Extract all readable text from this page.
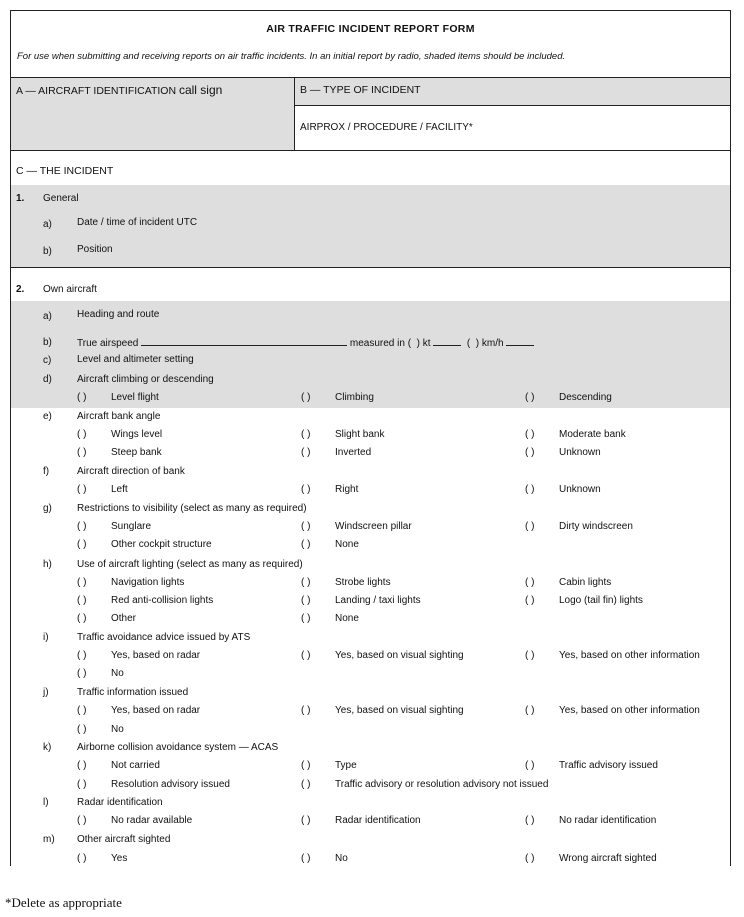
AIR TRAFFIC INCIDENT REPORT FORM
For use when submitting and receiving reports on air traffic incidents. In an initial report by radio, shaded items should be included.
A — AIRCRAFT IDENTIFICATION call sign	B — TYPE OF INCIDENT
AIRPROX / PROCEDURE / FACILITY*
C — THE INCIDENT
1. General
a)	Date / time of incident UTC
b)	Position
2. Own aircraft
a)	Heading and route
b)	True airspeed	measured in ( ) kt	( ) km/h
c)	Level and altimeter setting
d)	Aircraft climbing or descending
( ) Level flight	( ) Climbing	( ) Descending
e)	Aircraft bank angle
( ) Wings level	( ) Slight bank	( ) Moderate bank
( ) Steep bank	( ) Inverted	( ) Unknown
f)	Aircraft direction of bank
( ) Left	( ) Right	( ) Unknown
g)	Restrictions to visibility (select as many as required)
( ) Sunglare	( ) Windscreen pillar	( ) Dirty windscreen
( ) Other cockpit structure	( ) None
h)	Use of aircraft lighting (select as many as required)
( ) Navigation lights	( ) Strobe lights	( ) Cabin lights
( ) Red anti-collision lights	( ) Landing / taxi lights	( ) Logo (tail fin) lights
( ) Other	( ) None
i)	Traffic avoidance advice issued by ATS
( ) Yes, based on radar	( ) Yes, based on visual sighting	( ) Yes, based on other information
( ) No
j)	Traffic information issued
( ) Yes, based on radar	( ) Yes, based on visual sighting	( ) Yes, based on other information
( ) No
k)	Airborne collision avoidance system — ACAS
( ) Not carried	( ) Type	( ) Traffic advisory issued
( ) Resolution advisory issued	( ) Traffic advisory or resolution advisory not issued
l)	Radar identification
( ) No radar available	( ) Radar identification	( ) No radar identification
m) Other aircraft sighted
( ) Yes	( ) No	( ) Wrong aircraft sighted
*Delete as appropriate
